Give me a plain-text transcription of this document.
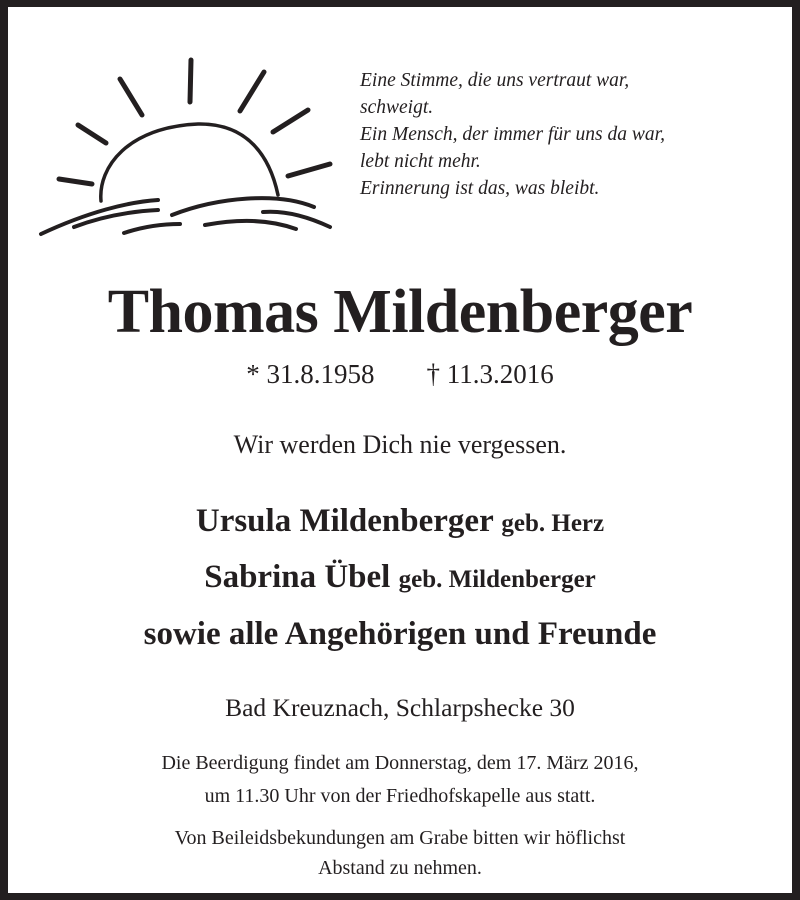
Eine Stimme, die uns vertraut war,
schweigt.
Ein Mensch, der immer für uns da war,
lebt nicht mehr.
Erinnerung ist das, was bleibt.
Thomas Mildenberger
* 31.8.1958 † 11.3.2016
Wir werden Dich nie vergessen.
Ursula Mildenberger geb. Herz
Sabrina Übel geb. Mildenberger
sowie alle Angehörigen und Freunde
Bad Kreuznach, Schlarpshecke 30
Die Beerdigung findet am Donnerstag, dem 17. März 2016,
um 11.30 Uhr von der Friedhofskapelle aus statt.
Von Beileidsbekundungen am Grabe bitten wir höflichst
Abstand zu nehmen.
